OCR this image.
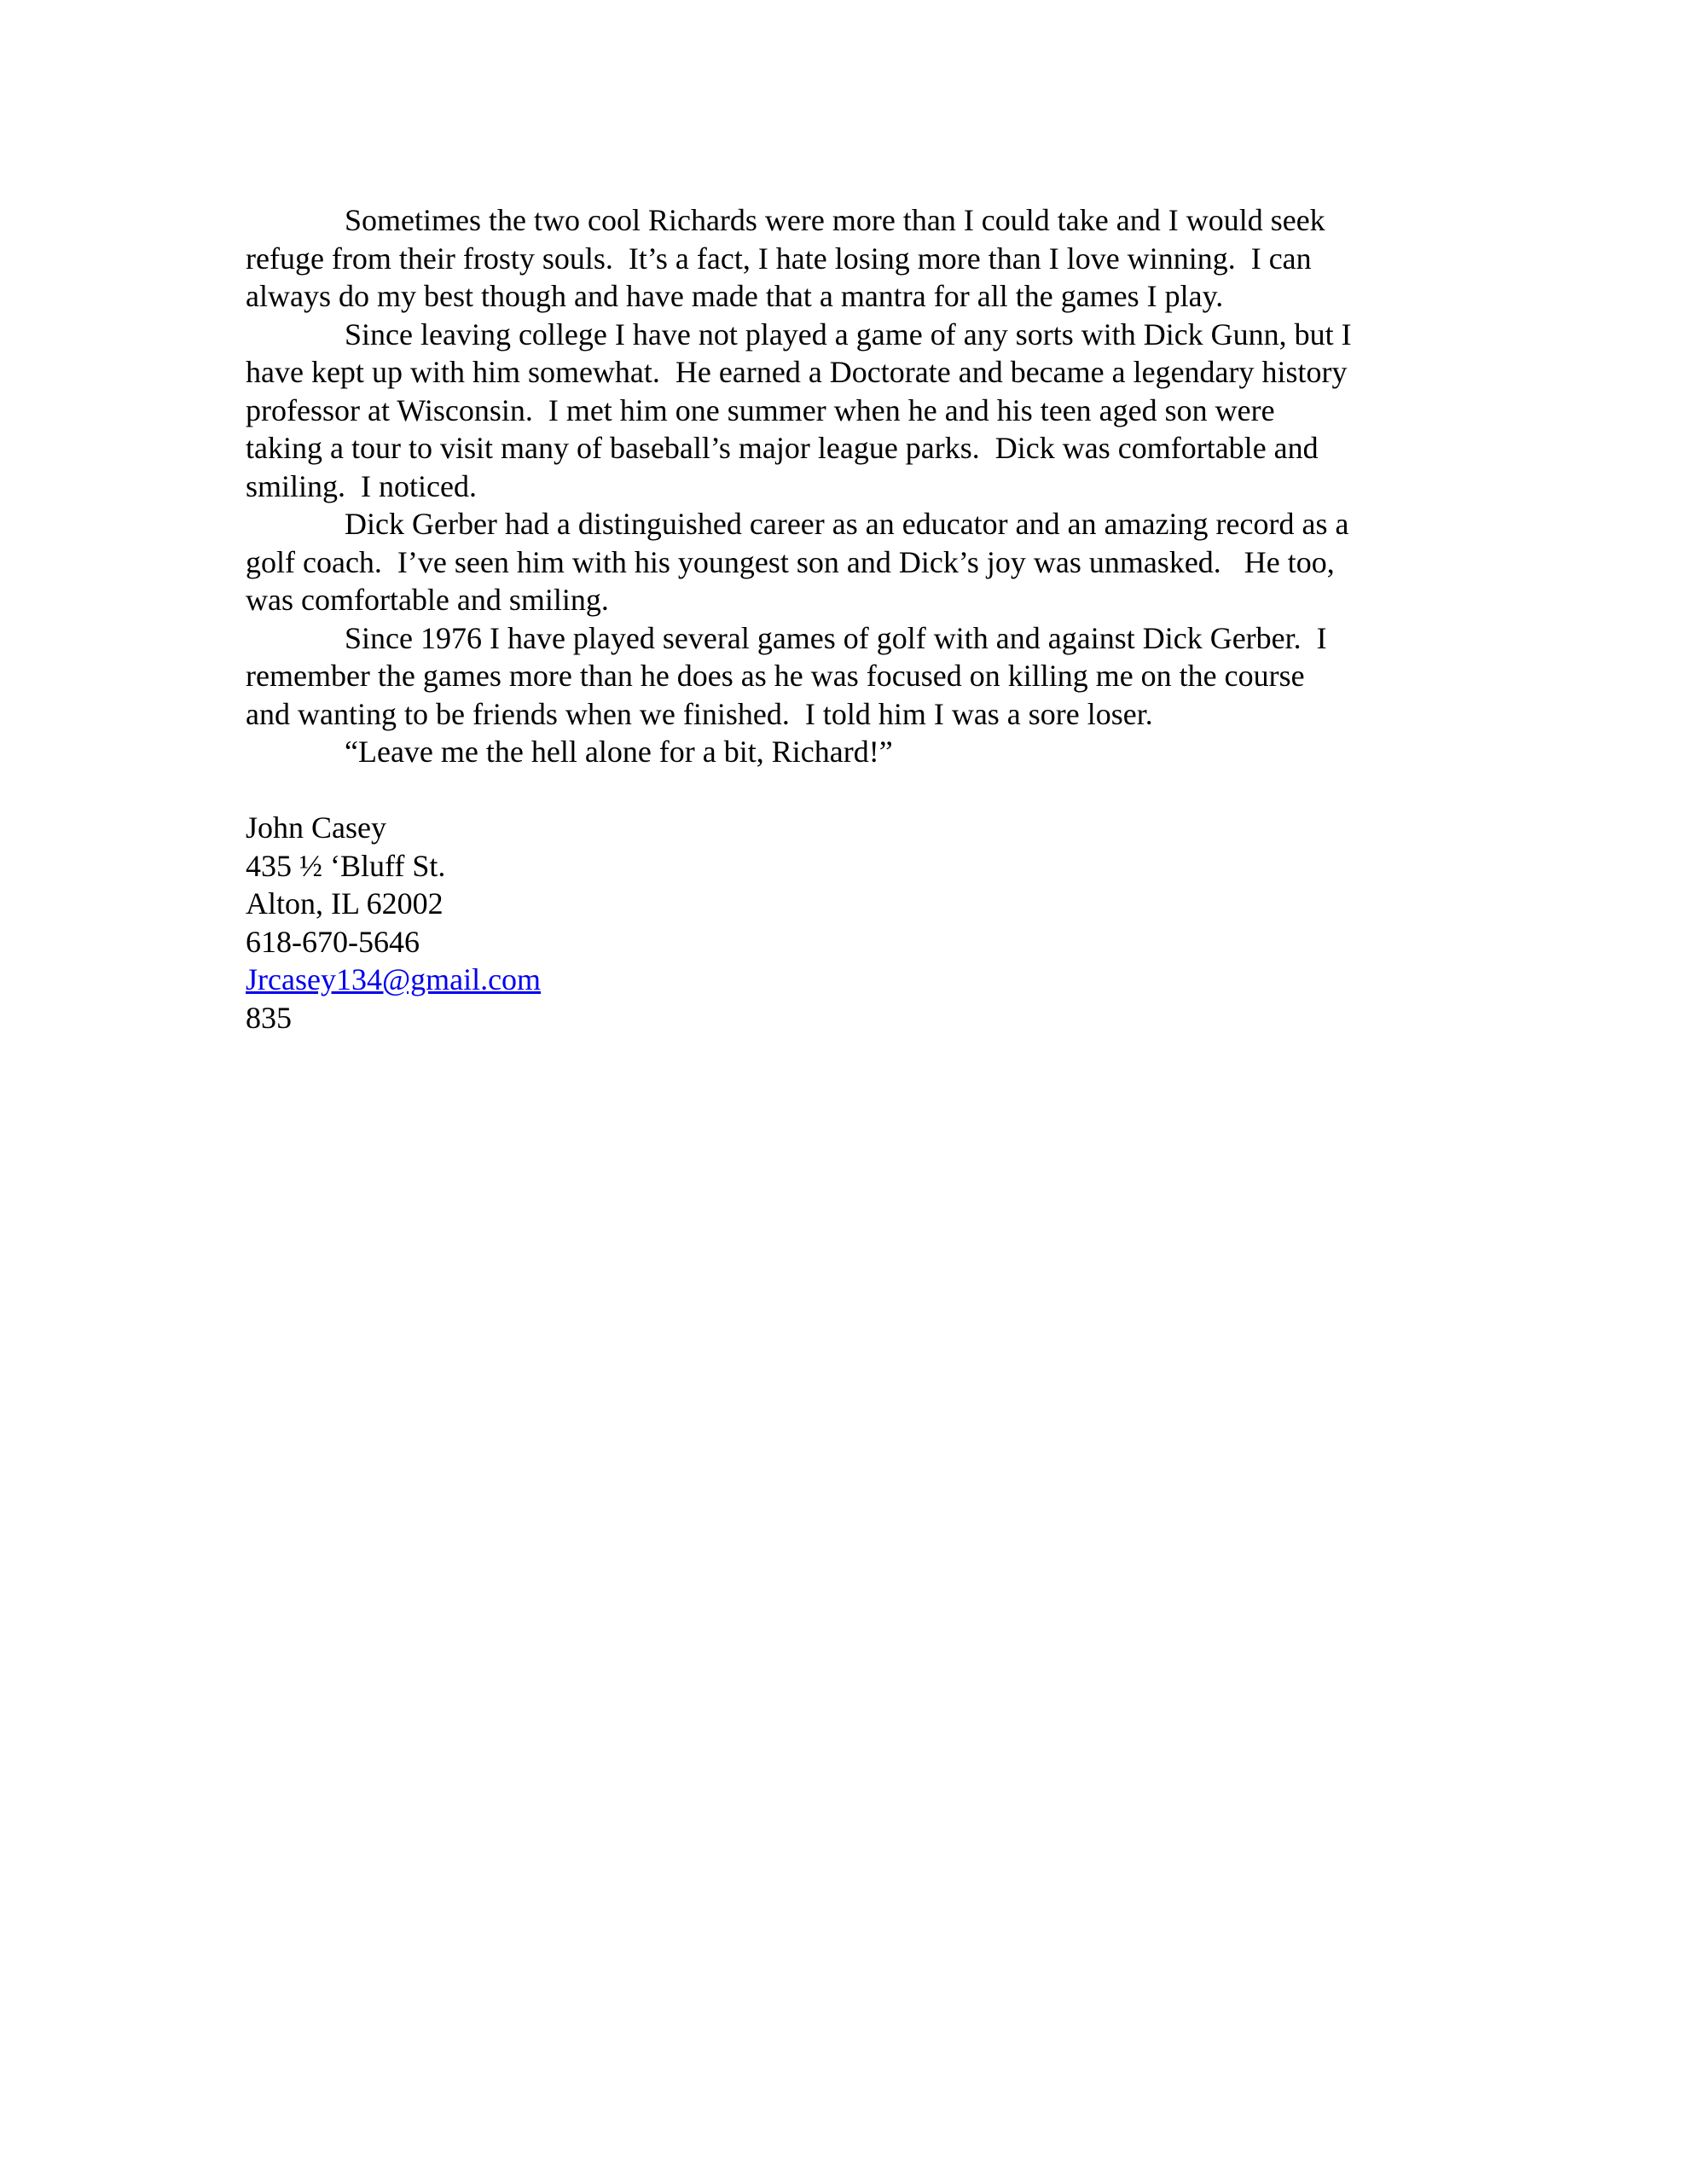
Sometimes the two cool Richards were more than I could take and I would seek
refuge from their frosty souls.  It’s a fact, I hate losing more than I love winning.  I can
always do my best though and have made that a mantra for all the games I play.
Since leaving college I have not played a game of any sorts with Dick Gunn, but I
have kept up with him somewhat.  He earned a Doctorate and became a legendary history
professor at Wisconsin.  I met him one summer when he and his teen aged son were
taking a tour to visit many of baseball’s major league parks.  Dick was comfortable and
smiling.  I noticed.
Dick Gerber had a distinguished career as an educator and an amazing record as a
golf coach.  I’ve seen him with his youngest son and Dick’s joy was unmasked.   He too,
was comfortable and smiling.
Since 1976 I have played several games of golf with and against Dick Gerber.  I
remember the games more than he does as he was focused on killing me on the course
and wanting to be friends when we finished.  I told him I was a sore loser.
“Leave me the hell alone for a bit, Richard!”
John Casey
435 ½ ‘Bluff St.
Alton, IL 62002
618-670-5646
Jrcasey134@gmail.com
835
